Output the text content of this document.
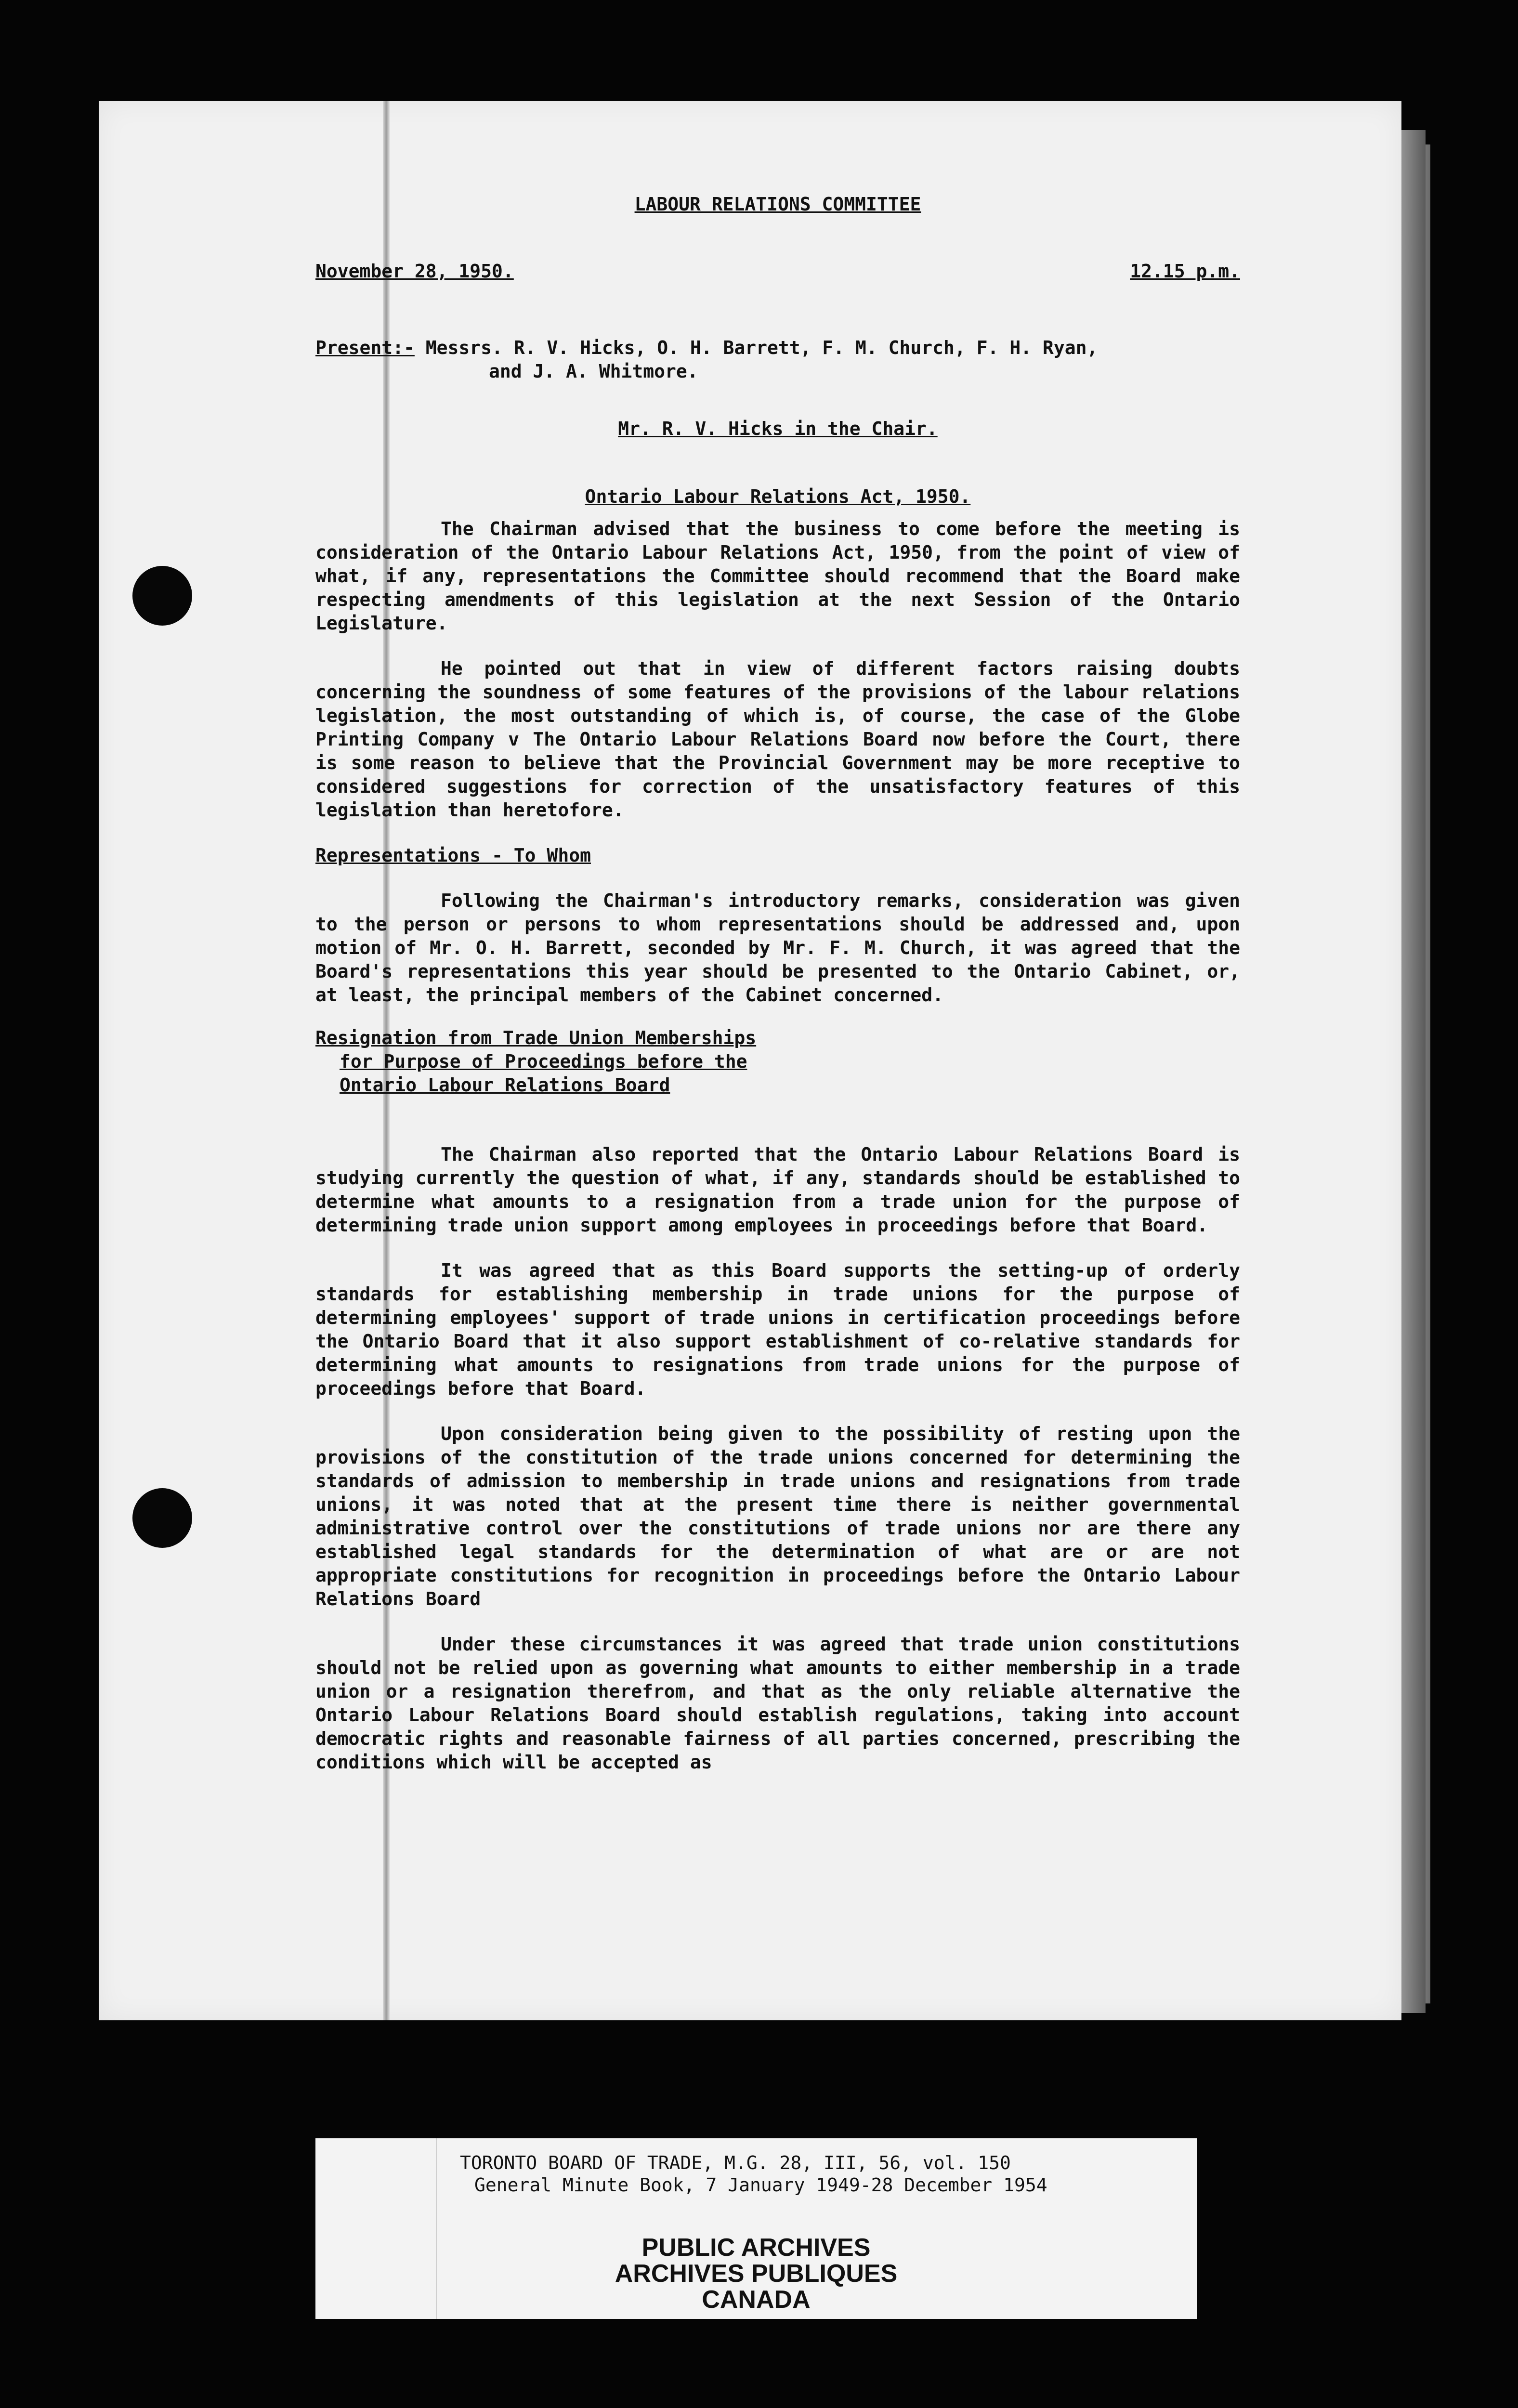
LABOUR RELATIONS COMMITTEE

November 28, 1950.	12.15 p.m.

Present:- Messrs. R. V. Hicks, O. H. Barrett, F. M. Church, F. H. Ryan,
and J. A. Whitmore.

Mr. R. V. Hicks in the Chair.

Ontario Labour Relations Act, 1950.

The Chairman advised that the business to come before the meeting is consideration of the Ontario Labour Relations Act, 1950, from the point of view of what, if any, representations the Committee should recommend that the Board make respecting amendments of this legislation at the next Session of the Ontario Legislature.

He pointed out that in view of different factors raising doubts concerning the soundness of some features of the provisions of the labour relations legislation, the most outstanding of which is, of course, the case of the Globe Printing Company v The Ontario Labour Relations Board now before the Court, there is some reason to believe that the Provincial Government may be more receptive to considered suggestions for correction of the unsatisfactory features of this legislation than heretofore.

Representations - To Whom

Following the Chairman's introductory remarks, consideration was given to the person or persons to whom representations should be addressed and, upon motion of Mr. O. H. Barrett, seconded by Mr. F. M. Church, it was agreed that the Board's representations this year should be presented to the Ontario Cabinet, or, at least, the principal members of the Cabinet concerned.

Resignation from Trade Union Memberships

for Purpose of Proceedings before the

Ontario Labour Relations Board

The Chairman also reported that the Ontario Labour Relations Board is studying currently the question of what, if any, standards should be established to determine what amounts to a resignation from a trade union for the purpose of determining trade union support among employees in proceedings before that Board.

It was agreed that as this Board supports the setting-up of orderly standards for establishing membership in trade unions for the purpose of determining employees' support of trade unions in certification proceedings before the Ontario Board that it also support establishment of co-relative standards for determining what amounts to resignations from trade unions for the purpose of proceedings before that Board.

Upon consideration being given to the possibility of resting upon the provisions of the constitution of the trade unions concerned for determining the standards of admission to membership in trade unions and resignations from trade unions, it was noted that at the present time there is neither governmental administrative control over the constitutions of trade unions nor are there any established legal standards for the determination of what are or are not appropriate constitutions for recognition in proceedings before the Ontario Labour Relations Board

Under these circumstances it was agreed that trade union constitutions should not be relied upon as governing what amounts to either membership in a trade union or a resignation therefrom, and that as the only reliable alternative the Ontario Labour Relations Board should establish regulations, taking into account democratic rights and reasonable fairness of all parties concerned, prescribing the conditions which will be accepted as

TORONTO BOARD OF TRADE, M.G. 28, III, 56, vol. 150
General Minute Book, 7 January 1949-28 December 1954
PUBLIC ARCHIVES
ARCHIVES PUBLIQUES
CANADA
